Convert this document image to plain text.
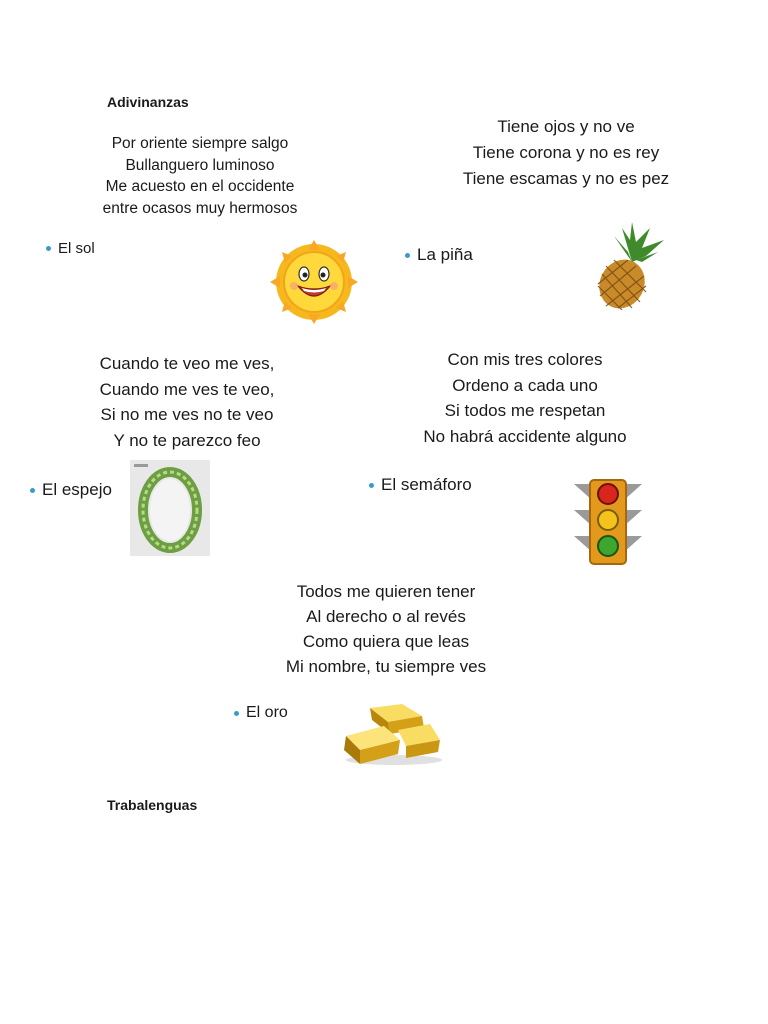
Adivinanzas
Por oriente siempre salgo
Bullanguero luminoso
Me acuesto en el occidente
entre ocasos muy hermosos
El sol
Tiene ojos y no ve
Tiene corona y no es rey
Tiene escamas y no es pez
La piña
Cuando te veo me ves,
Cuando me ves te veo,
Si no me ves no te veo
Y no te parezco feo
El espejo
Con mis tres colores
Ordeno a cada uno
Si todos me respetan
No habrá accidente alguno
El semáforo
Todos me quieren tener
Al derecho o al revés
Como quiera que leas
Mi nombre, tu siempre ves
El oro
Trabalenguas
